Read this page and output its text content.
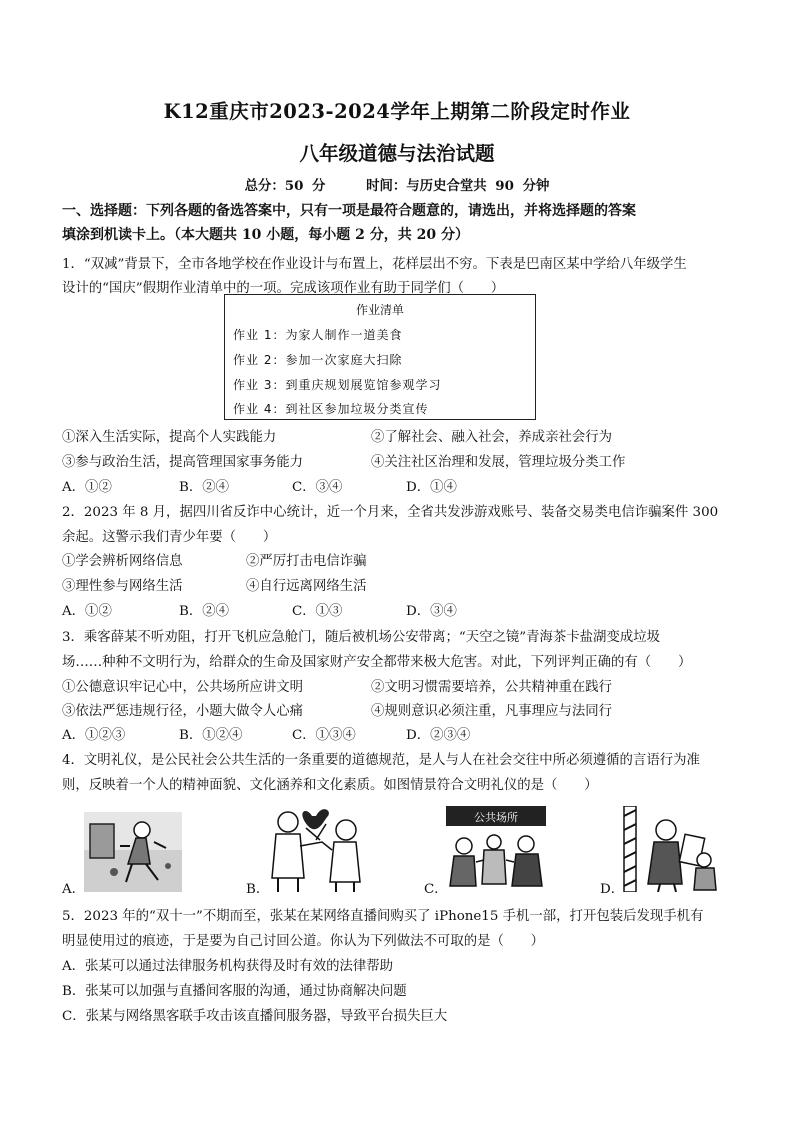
K12重庆市2023-2024学年上期第二阶段定时作业
八年级道德与法治试题
总分：50 分	时间：与历史合堂共 90 分钟
一、选择题：下列各题的备选答案中，只有一项是最符合题意的，请选出，并将选择题的答案
填涂到机读卡上。（本大题共 10 小题，每小题 2 分，共 20 分）
1．“双减”背景下，全市各地学校在作业设计与布置上，花样层出不穷。下表是巴南区某中学给八年级学生
设计的“国庆”假期作业清单中的一项。完成该项作业有助于同学们（　　）
作业清单
作业 1：为家人制作一道美食
作业 2：参加一次家庭大扫除
作业 3：到重庆规划展览馆参观学习
作业 4：到社区参加垃圾分类宣传
①深入生活实际，提高个人实践能力	②了解社会、融入社会，养成亲社会行为
③参与政治生活，提高管理国家事务能力	④关注社区治理和发展，管理垃圾分类工作
A．①②	B．②④	C．③④	D．①④
2．2023 年 8 月，据四川省反诈中心统计，近一个月来，全省共发涉游戏账号、装备交易类电信诈骗案件 300
余起。这警示我们青少年要（　　）
①学会辨析网络信息	②严厉打击电信诈骗
③理性参与网络生活	④自行远离网络生活
A．①②	B．②④	C．①③	D．③④
3．乘客薛某不听劝阻，打开飞机应急舱门，随后被机场公安带离；“天空之镜”青海茶卡盐湖变成垃圾
场……种种不文明行为，给群众的生命及国家财产安全都带来极大危害。对此，下列评判正确的有（　　）
①公德意识牢记心中，公共场所应讲文明	②文明习惯需要培养，公共精神重在践行
③依法严惩违规行径，小题大做令人心痛	④规则意识必须注重，凡事理应与法同行
A．①②③	B．①②④	C．①③④	D．②③④
4．文明礼仪，是公民社会公共生活的一条重要的道德规范，是人与人在社会交往中所必须遵循的言语行为准
则，反映着一个人的精神面貌、文化涵养和文化素质。如图情景符合文明礼仪的是（　　）
A．	B．
公共场所
C．	D．
5．2023 年的“双十一”不期而至，张某在某网络直播间购买了 iPhone15 手机一部，打开包装后发现手机有
明显使用过的痕迹，于是要为自己讨回公道。你认为下列做法不可取的是（　　）
A．张某可以通过法律服务机构获得及时有效的法律帮助
B．张某可以加强与直播间客服的沟通，通过协商解决问题
C．张某与网络黑客联手攻击该直播间服务器，导致平台损失巨大
